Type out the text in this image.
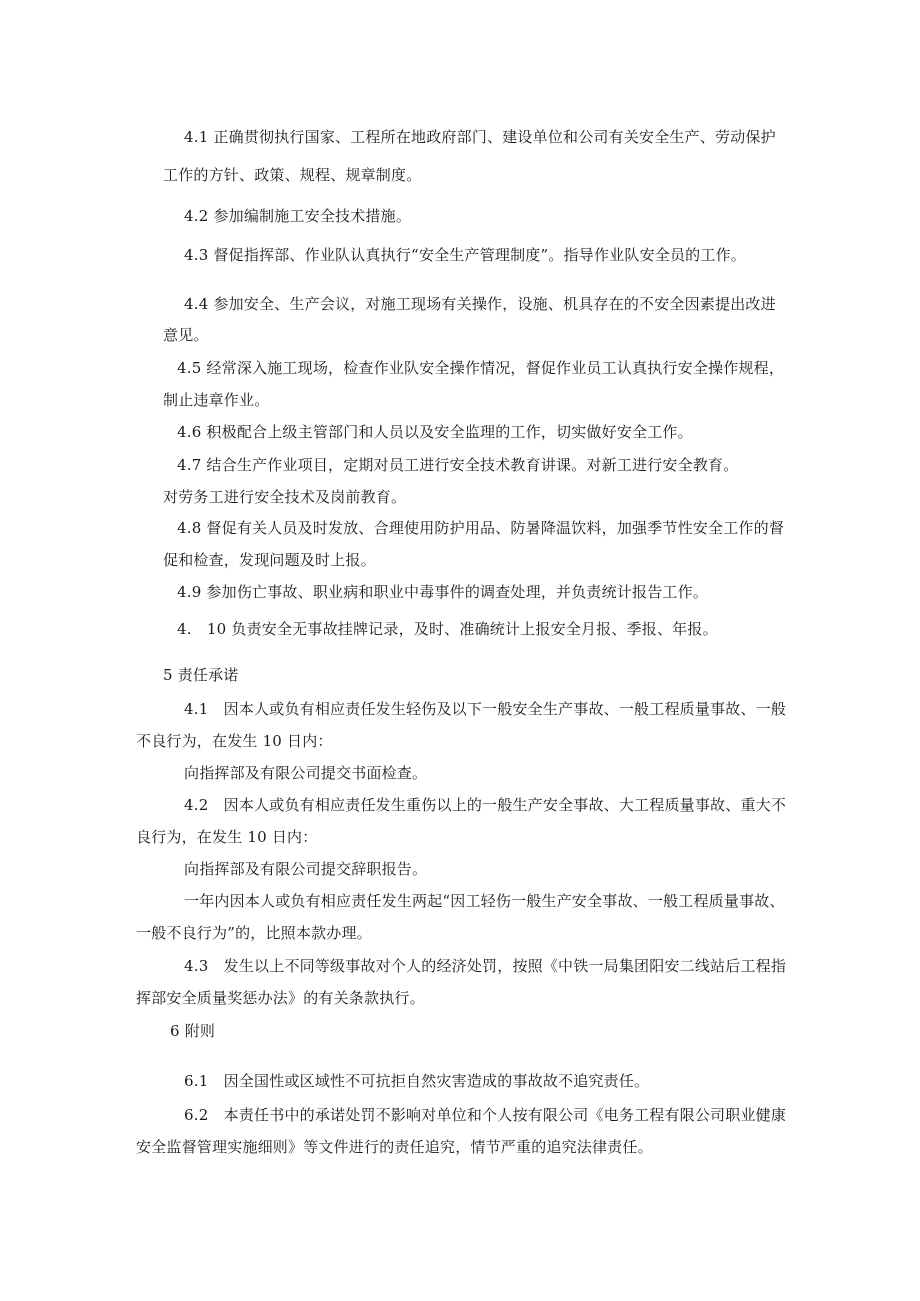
4.1 正确贯彻执行国家、工程所在地政府部门、建设单位和公司有关安全生产、劳动保护
工作的方针、政策、规程、规章制度。
4.2 参加编制施工安全技术措施。
4.3 督促指挥部、作业队认真执行“安全生产管理制度”。指导作业队安全员的工作。
4.4 参加安全、生产会议，对施工现场有关操作，设施、机具存在的不安全因素提出改进
意见。
4.5 经常深入施工现场，检查作业队安全操作情况，督促作业员工认真执行安全操作规程，
制止违章作业。
4.6 积极配合上级主管部门和人员以及安全监理的工作，切实做好安全工作。
4.7 结合生产作业项目，定期对员工进行安全技术教育讲课。对新工进行安全教育。
对劳务工进行安全技术及岗前教育。
4.8 督促有关人员及时发放、合理使用防护用品、防暑降温饮料，加强季节性安全工作的督
促和检查，发现问题及时上报。
4.9 参加伤亡事故、职业病和职业中毒事件的调查处理，并负责统计报告工作。
4.　10 负责安全无事故挂牌记录，及时、准确统计上报安全月报、季报、年报。
5 责任承诺
4.1　因本人或负有相应责任发生轻伤及以下一般安全生产事故、一般工程质量事故、一般
不良行为，在发生 10 日内：
向指挥部及有限公司提交书面检查。
4.2　因本人或负有相应责任发生重伤以上的一般生产安全事故、大工程质量事故、重大不
良行为，在发生 10 日内：
向指挥部及有限公司提交辞职报告。
一年内因本人或负有相应责任发生两起“因工轻伤一般生产安全事故、一般工程质量事故、
一般不良行为”的，比照本款办理。
4.3　发生以上不同等级事故对个人的经济处罚，按照《中铁一局集团阳安二线站后工程指
挥部安全质量奖惩办法》的有关条款执行。
6 附则
6.1　因全国性或区域性不可抗拒自然灾害造成的事故故不追究责任。
6.2　本责任书中的承诺处罚不影响对单位和个人按有限公司《电务工程有限公司职业健康
安全监督管理实施细则》等文件进行的责任追究，情节严重的追究法律责任。
